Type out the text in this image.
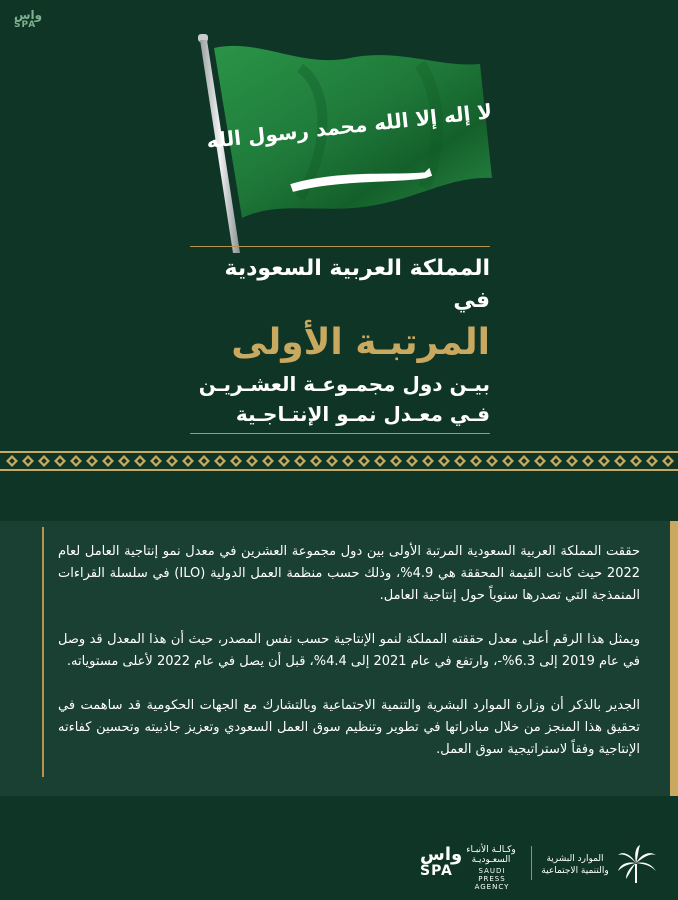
واس
SPA
لا إله إلا الله محمد رسول الله
المملكة العربية السعودية في
المرتبـة الأولى
بيـن دول مجمـوعـة العشـريـن
فـي معـدل نمـو الإنتـاجـية

حققت المملكة العربية السعودية المرتبة الأولى بين دول مجموعة العشرين في معدل نمو إنتاجية العامل لعام 2022 حيث كانت القيمة المحققة هي 4.9%، وذلك حسب منظمة العمل الدولية (ILO) في سلسلة القراءات المنمذجة التي تصدرها سنوياً حول إنتاجية العامل.

ويمثل هذا الرقم أعلى معدل حققته المملكة لنمو الإنتاجية حسب نفس المصدر، حيث أن هذا المعدل قد وصل في عام 2019 إلى 6.3%-، وارتفع في عام 2021 إلى 4.4%، قبل أن يصل في عام 2022 لأعلى مستوياته.

الجدير بالذكر أن وزارة الموارد البشرية والتنمية الاجتماعية وبالتشارك مع الجهات الحكومية قد ساهمت في تحقيق هذا المنجز من خلال مبادراتها في تطوير وتنظيم سوق العمل السعودي وتعزيز جاذبيته وتحسين كفاءته الإنتاجية وفقاً لاستراتيجية سوق العمل.

واس
SPA
وكـالـة الأنبـاء السعـوديـة
SAUDI PRESS AGENCY
الموارد البشرية
والتنمية الاجتماعية
